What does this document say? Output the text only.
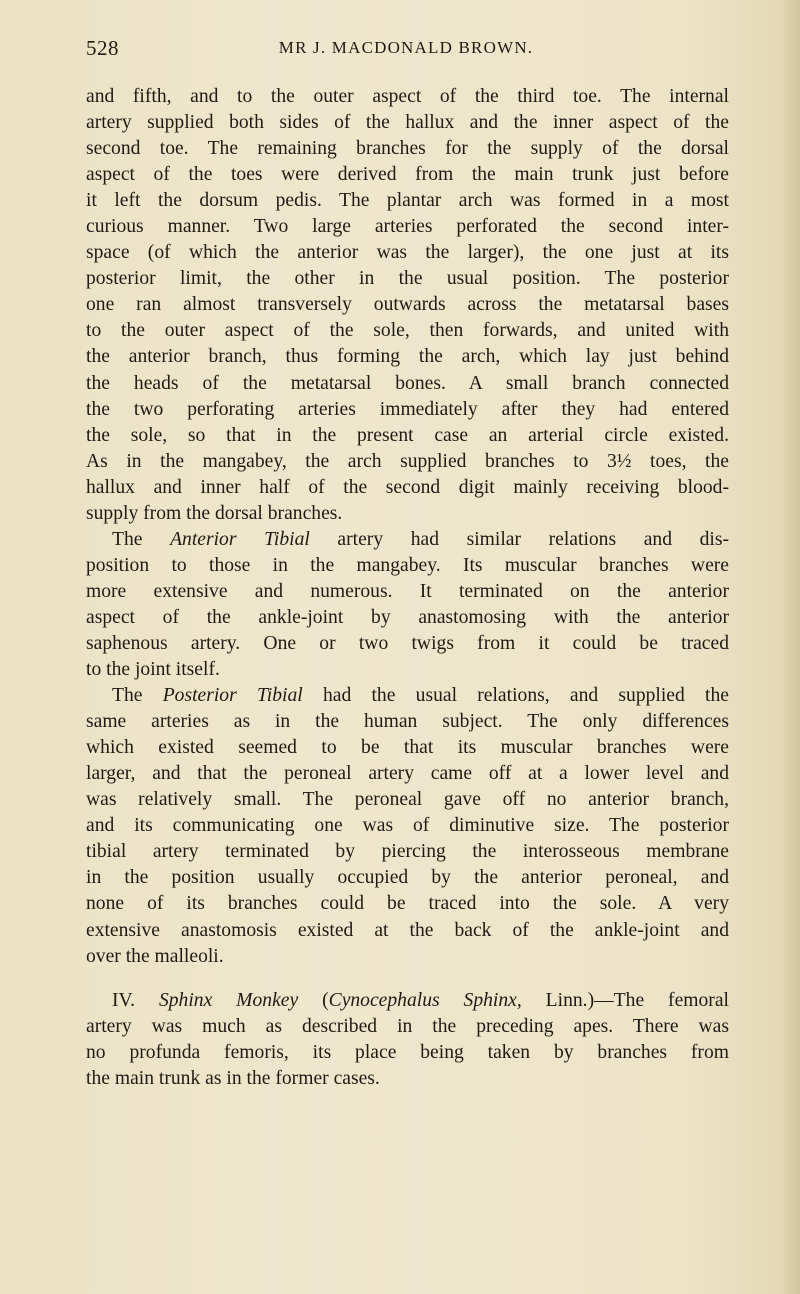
528	MR J. MACDONALD BROWN.
and fifth, and to the outer aspect of the third toe. The internal
artery supplied both sides of the hallux and the inner aspect of the
second toe. The remaining branches for the supply of the dorsal
aspect of the toes were derived from the main trunk just before
it left the dorsum pedis. The plantar arch was formed in a most
curious manner. Two large arteries perforated the second inter-
space (of which the anterior was the larger), the one just at its
posterior limit, the other in the usual position. The posterior
one ran almost transversely outwards across the metatarsal bases
to the outer aspect of the sole, then forwards, and united with
the anterior branch, thus forming the arch, which lay just behind
the heads of the metatarsal bones. A small branch connected
the two perforating arteries immediately after they had entered
the sole, so that in the present case an arterial circle existed.
As in the mangabey, the arch supplied branches to 3½ toes, the
hallux and inner half of the second digit mainly receiving blood-
supply from the dorsal branches.
The Anterior Tibial artery had similar relations and dis-
position to those in the mangabey. Its muscular branches were
more extensive and numerous. It terminated on the anterior
aspect of the ankle-joint by anastomosing with the anterior
saphenous artery. One or two twigs from it could be traced
to the joint itself.
The Posterior Tibial had the usual relations, and supplied the
same arteries as in the human subject. The only differences
which existed seemed to be that its muscular branches were
larger, and that the peroneal artery came off at a lower level and
was relatively small. The peroneal gave off no anterior branch,
and its communicating one was of diminutive size. The posterior
tibial artery terminated by piercing the interosseous membrane
in the position usually occupied by the anterior peroneal, and
none of its branches could be traced into the sole. A very
extensive anastomosis existed at the back of the ankle-joint and
over the malleoli.
IV. Sphinx Monkey (Cynocephalus Sphinx, Linn.)—The femoral
artery was much as described in the preceding apes. There was
no profunda femoris, its place being taken by branches from
the main trunk as in the former cases.
